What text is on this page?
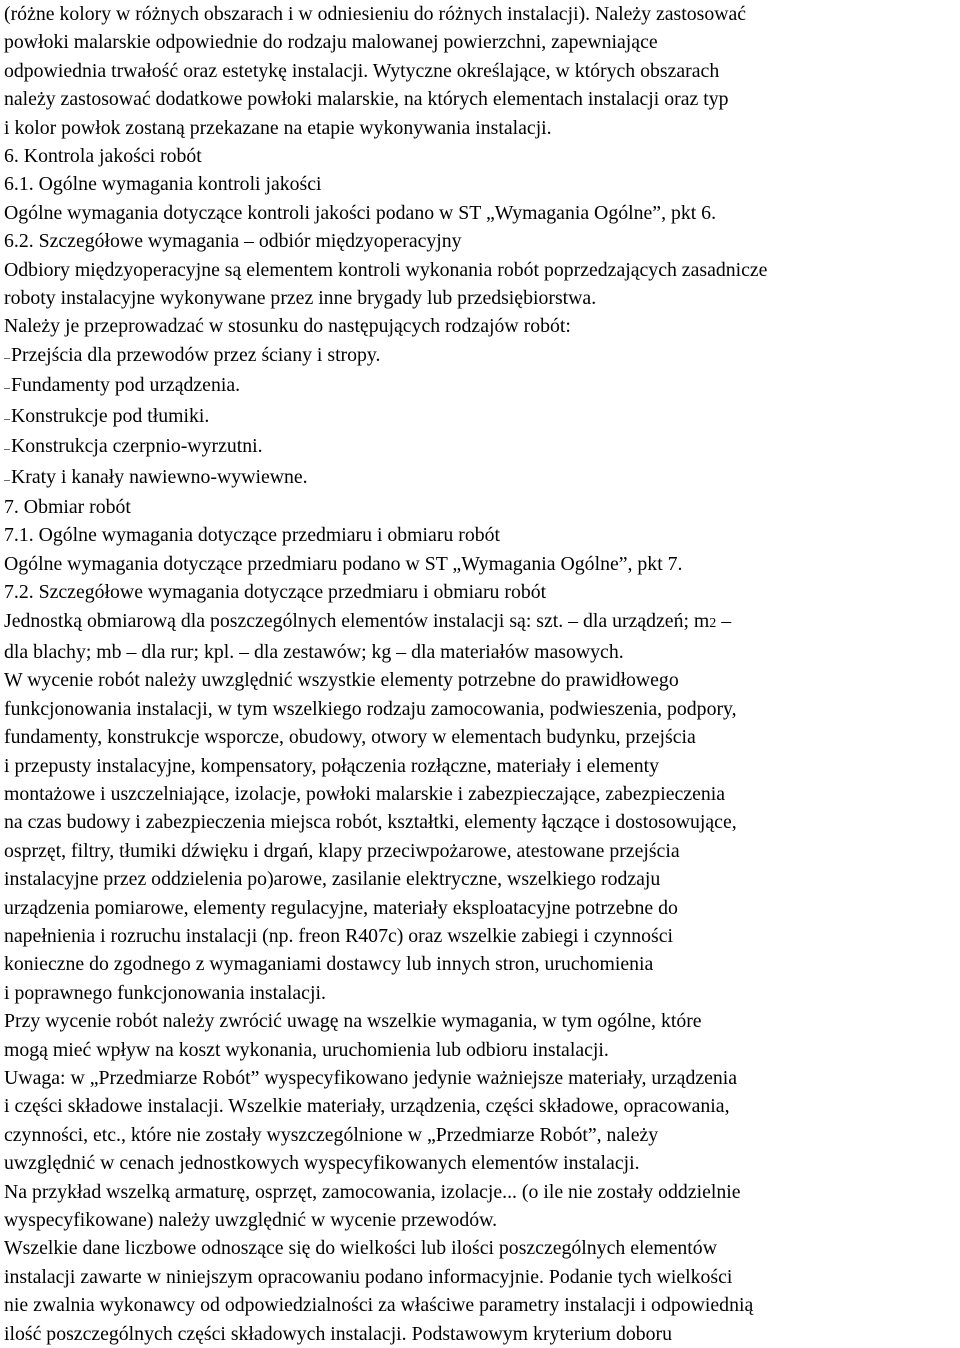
(różne kolory w różnych obszarach i w odniesieniu do różnych instalacji). Należy zastosować
powłoki malarskie odpowiednie do rodzaju malowanej powierzchni, zapewniające
odpowiednia trwałość oraz estetykę instalacji. Wytyczne określające, w których obszarach
należy zastosować dodatkowe powłoki malarskie, na których elementach instalacji oraz typ
i kolor powłok zostaną przekazane na etapie wykonywania instalacji.
6. Kontrola jakości robót
6.1. Ogólne wymagania kontroli jakości
Ogólne wymagania dotyczące kontroli jakości podano w ST „Wymagania Ogólne”, pkt 6.
6.2. Szczegółowe wymagania – odbiór międzyoperacyjny
Odbiory międzyoperacyjne są elementem kontroli wykonania robót poprzedzających zasadnicze
roboty instalacyjne wykonywane przez inne brygady lub przedsiębiorstwa.
Należy je przeprowadzać w stosunku do następujących rodzajów robót:
–Przejścia dla przewodów przez ściany i stropy.
–Fundamenty pod urządzenia.
–Konstrukcje pod tłumiki.
–Konstrukcja czerpnio-wyrzutni.
–Kraty i kanały nawiewno-wywiewne.
7. Obmiar robót
7.1. Ogólne wymagania dotyczące przedmiaru i obmiaru robót
Ogólne wymagania dotyczące przedmiaru podano w ST „Wymagania Ogólne”, pkt 7.
7.2. Szczegółowe wymagania dotyczące przedmiaru i obmiaru robót
Jednostką obmiarową dla poszczególnych elementów instalacji są: szt. – dla urządzeń; m2 –
dla blachy; mb – dla rur; kpl. – dla zestawów; kg – dla materiałów masowych.
W wycenie robót należy uwzględnić wszystkie elementy potrzebne do prawidłowego
funkcjonowania instalacji, w tym wszelkiego rodzaju zamocowania, podwieszenia, podpory,
fundamenty, konstrukcje wsporcze, obudowy, otwory w elementach budynku, przejścia
i przepusty instalacyjne, kompensatory, połączenia rozłączne, materiały i elementy
montażowe i uszczelniające, izolacje, powłoki malarskie i zabezpieczające, zabezpieczenia
na czas budowy i zabezpieczenia miejsca robót, kształtki, elementy łączące i dostosowujące,
osprzęt, filtry, tłumiki dźwięku i drgań, klapy przeciwpożarowe, atestowane przejścia
instalacyjne przez oddzielenia po)arowe, zasilanie elektryczne, wszelkiego rodzaju
urządzenia pomiarowe, elementy regulacyjne, materiały eksploatacyjne potrzebne do
napełnienia i rozruchu instalacji (np. freon R407c) oraz wszelkie zabiegi i czynności
konieczne do zgodnego z wymaganiami dostawcy lub innych stron, uruchomienia
i poprawnego funkcjonowania instalacji.
Przy wycenie robót należy zwrócić uwagę na wszelkie wymagania, w tym ogólne, które
mogą mieć wpływ na koszt wykonania, uruchomienia lub odbioru instalacji.
Uwaga: w „Przedmiarze Robót” wyspecyfikowano jedynie ważniejsze materiały, urządzenia
i części składowe instalacji. Wszelkie materiały, urządzenia, części składowe, opracowania,
czynności, etc., które nie zostały wyszczególnione w „Przedmiarze Robót”, należy
uwzględnić w cenach jednostkowych wyspecyfikowanych elementów instalacji.
Na przykład wszelką armaturę, osprzęt, zamocowania, izolacje... (o ile nie zostały oddzielnie
wyspecyfikowane) należy uwzględnić w wycenie przewodów.
Wszelkie dane liczbowe odnoszące się do wielkości lub ilości poszczególnych elementów
instalacji zawarte w niniejszym opracowaniu podano informacyjnie. Podanie tych wielkości
nie zwalnia wykonawcy od odpowiedzialności za właściwe parametry instalacji i odpowiednią
ilość poszczególnych części składowych instalacji. Podstawowym kryterium doboru
